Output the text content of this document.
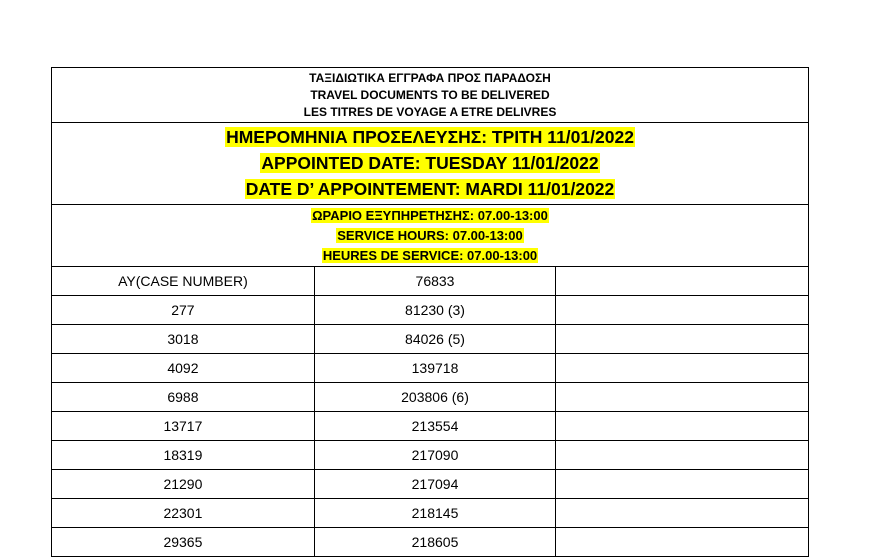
ΤΑΞΙΔΙΩΤΙΚΑ ΕΓΓΡΑΦΑ ΠΡΟΣ ΠΑΡΑΔΟΣΗ
TRAVEL DOCUMENTS TO BE DELIVERED
LES TITRES DE VOYAGE A ETRE DELIVRES
ΗΜΕΡΟΜΗΝΙΑ ΠΡΟΣΕΛΕΥΣΗΣ: ΤΡΙΤΗ 11/01/2022
APPOINTED DATE: TUESDAY 11/01/2022
DATE D’ APPOINTEMENT: MARDI 11/01/2022
ΩΡΑΡΙΟ ΕΞΥΠΗΡΕΤΗΣΗΣ: 07.00-13:00
SERVICE HOURS: 07.00-13:00
HEURES DE SERVICE: 07.00-13:00
AY(CASE NUMBER)	76833	
277	81230 (3)	
3018	84026 (5)	
4092	139718	
6988	203806 (6)	
13717	213554	
18319	217090	
21290	217094	
22301	218145	
29365	218605	
